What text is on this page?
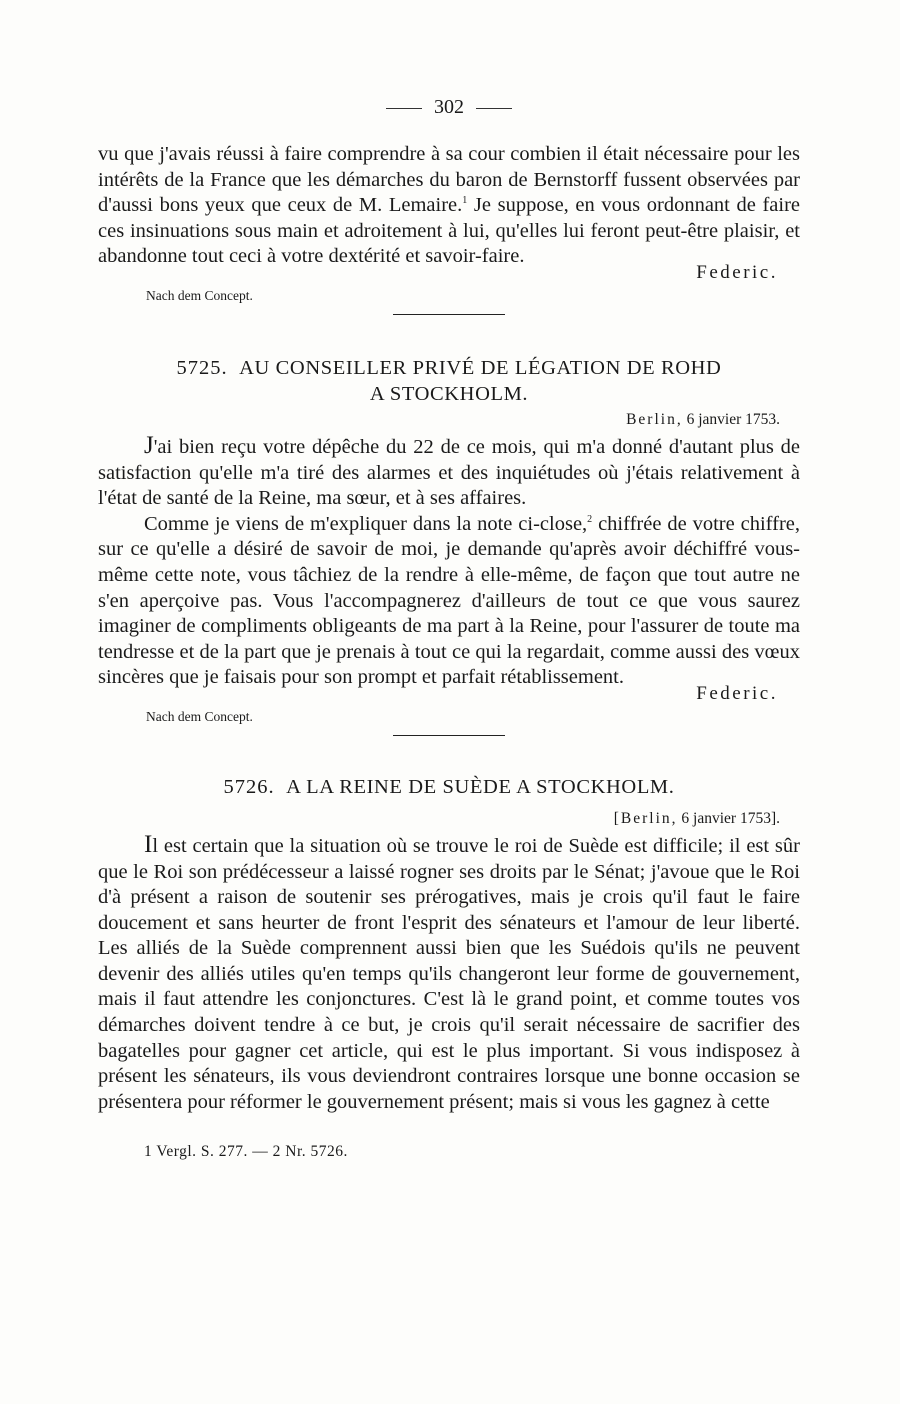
302

vu que j'avais réussi à faire comprendre à sa cour combien il était nécessaire pour les intérêts de la France que les démarches du baron de Bernstorff fussent observées par d'aussi bons yeux que ceux de M. Lemaire.$^1$ Je suppose, en vous ordonnant de faire ces insinuations sous main et adroitement à lui, qu'elles lui feront peut-être plaisir, et abandonne tout ceci à votre dextérité et savoir-faire.

Federic.
Nach dem Concept.
5725. AU CONSEILLER PRIVÉ DE LÉGATION DE ROHD
A STOCKHOLM.
Berlin, 6 janvier 1753.

J'ai bien reçu votre dépêche du 22 de ce mois, qui m'a donné d'autant plus de satisfaction qu'elle m'a tiré des alarmes et des inquiétudes où j'étais relativement à l'état de santé de la Reine, ma sœur, et à ses affaires.

Comme je viens de m'expliquer dans la note ci-close,$^2$ chiffrée de votre chiffre, sur ce qu'elle a désiré de savoir de moi, je demande qu'après avoir déchiffré vous-même cette note, vous tâchiez de la rendre à elle-même, de façon que tout autre ne s'en aperçoive pas. Vous l'accompagnerez d'ailleurs de tout ce que vous saurez imaginer de compliments obligeants de ma part à la Reine, pour l'assurer de toute ma tendresse et de la part que je prenais à tout ce qui la regardait, comme aussi des vœux sincères que je faisais pour son prompt et parfait rétablissement.

Federic.
Nach dem Concept.
5726. A LA REINE DE SUÈDE A STOCKHOLM.
[Berlin, 6 janvier 1753].

Il est certain que la situation où se trouve le roi de Suède est difficile; il est sûr que le Roi son prédécesseur a laissé rogner ses droits par le Sénat; j'avoue que le Roi d'à présent a raison de soutenir ses prérogatives, mais je crois qu'il faut le faire doucement et sans heurter de front l'esprit des sénateurs et l'amour de leur liberté. Les alliés de la Suède comprennent aussi bien que les Suédois qu'ils ne peuvent devenir des alliés utiles qu'en temps qu'ils changeront leur forme de gouvernement, mais il faut attendre les conjonctures. C'est là le grand point, et comme toutes vos démarches doivent tendre à ce but, je crois qu'il serait nécessaire de sacrifier des bagatelles pour gagner cet article, qui est le plus important. Si vous indisposez à présent les sénateurs, ils vous deviendront contraires lorsque une bonne occasion se présentera pour réformer le gouvernement présent; mais si vous les gagnez à cette

1 Vergl. S. 277. — 2 Nr. 5726.
